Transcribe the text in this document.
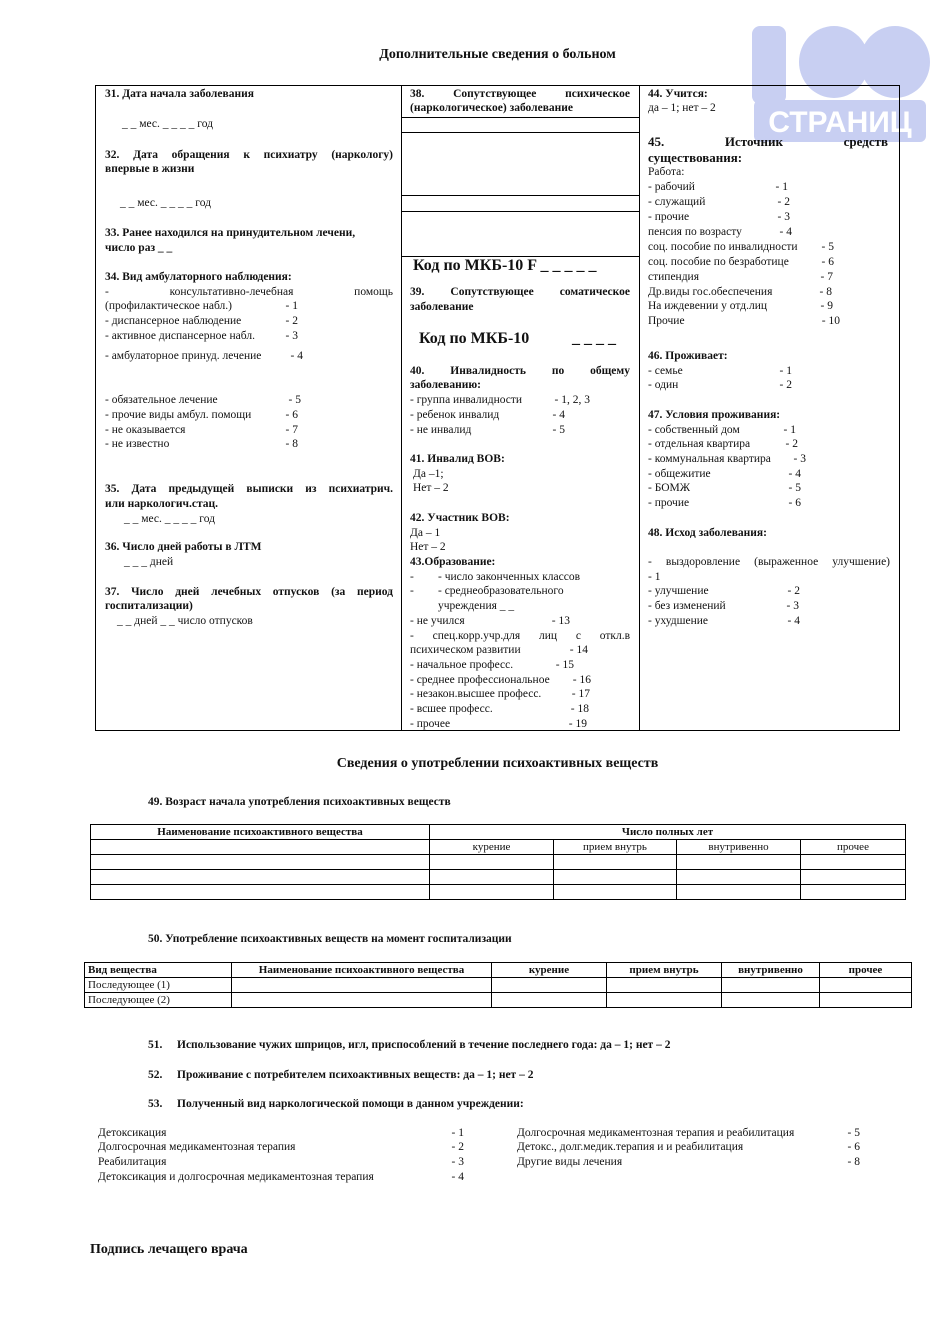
СТРАНИЦ
Дополнительные сведения о больном
31. Дата начала заболевания
_ _ мес. _ _ _ _ год
32. Дата обращения к психиатру (наркологу)
впервые в жизни
_ _ мес. _ _ _ _ год
33. Ранее находился на принудительном лечени,
число раз _ _
34. Вид амбулаторного наблюдения:
- консультативно-лечебная помощь
(профилактическое набл.)	- 1
- диспансерное наблюдение	- 2
- активное диспансерное набл.	- 3
- амбулаторное принуд. лечение	- 4
- обязательное лечение	- 5
- прочие виды амбул. помощи	- 6
- не оказывается	- 7
- не известно	- 8
35. Дата предыдущей выписки из психиатрич.
или наркологич.стац.
_ _ мес. _ _ _ _ год
36. Число дней работы в ЛТМ
_ _ _ дней
37. Число дней лечебных отпусков (за период
госпитализации)
_ _ дней _ _ число отпусков
38. Сопутствующее психическое
(наркологическое) заболевание
Код по МКБ-10 F _ _ _ _ _
39. Сопутствующее соматическое
заболевание
Код по МКБ-10	_ _ _ _
40. Инвалидность по общему
заболеванию:
- группа инвалидности	- 1, 2, 3
- ребенок инвалид	- 4
- не инвалид	- 5
41. Инвалид ВОВ:
Да –1;
Нет – 2
42. Участник ВОВ:
Да – 1
Нет – 2
43.Образование:
- - число законченных классов
- - среднеобразовательного
учреждения _ _
- не учился	- 13
- спец.корр.учр.для лиц с откл.в
психическом развитии	- 14
- начальное професс.	- 15
- среднее профессиональное - 16
- незакон.высшее професс.	- 17
- всшее професс.	- 18
- прочее	- 19
44. Учится:
да – 1; нет – 2
45. Источник средств
существования:
Работа:
- рабочий	- 1
- служащий	- 2
- прочие	- 3
пенсия по возрасту	- 4
соц. пособие по инвалидности - 5
соц. пособие по безработице	- 6
стипендия	- 7
Др.виды гос.обеспечения	- 8
На иждевении у отд.лиц	- 9
Прочие	- 10
46. Проживает:
- семье	- 1
- один	- 2
47. Условия проживания:
- собственный дом	- 1
- отдельная квартира	- 2
- коммунальная квартира - 3
- общежитие	- 4
- БОМЖ	- 5
- прочие	- 6
48. Исход заболевания:
- выздоровление (выраженное улучшение)
- 1
- улучшение	- 2
- без изменений	- 3
- ухудшение	- 4
Сведения о употреблении психоактивных веществ
49. Возраст начала употребления психоактивных веществ
Наименование психоактивного вещества	Число полных лет			
	курение	прием внутрь	внутривенно	прочее

50. Употребление психоактивных веществ на момент госпитализации
Вид вещества	Наименование психоактивного вещества	курение	прием внутрь	внутривенно	прочее
Последующее (1)					
Последующее (2)					
51. Использование чужих шприцов, игл, приспособлений в течение последнего года: да – 1; нет – 2
52. Проживание с потребителем психоактивных веществ: да – 1; нет – 2
53. Полученный вид наркологической помощи в данном учреждении:
Детоксикация	- 1
Долгосрочная медикаментозная терапия	- 2
Реабилитация	- 3
Детоксикация и долгосрочная медикаментозная терапия	- 4
Долгосрочная медикаментозная терапия и реабилитация	- 5
Детокс., долг.медик.терапия и и реабилитация	- 6
Другие виды лечения	- 8
Подпись лечащего врача
